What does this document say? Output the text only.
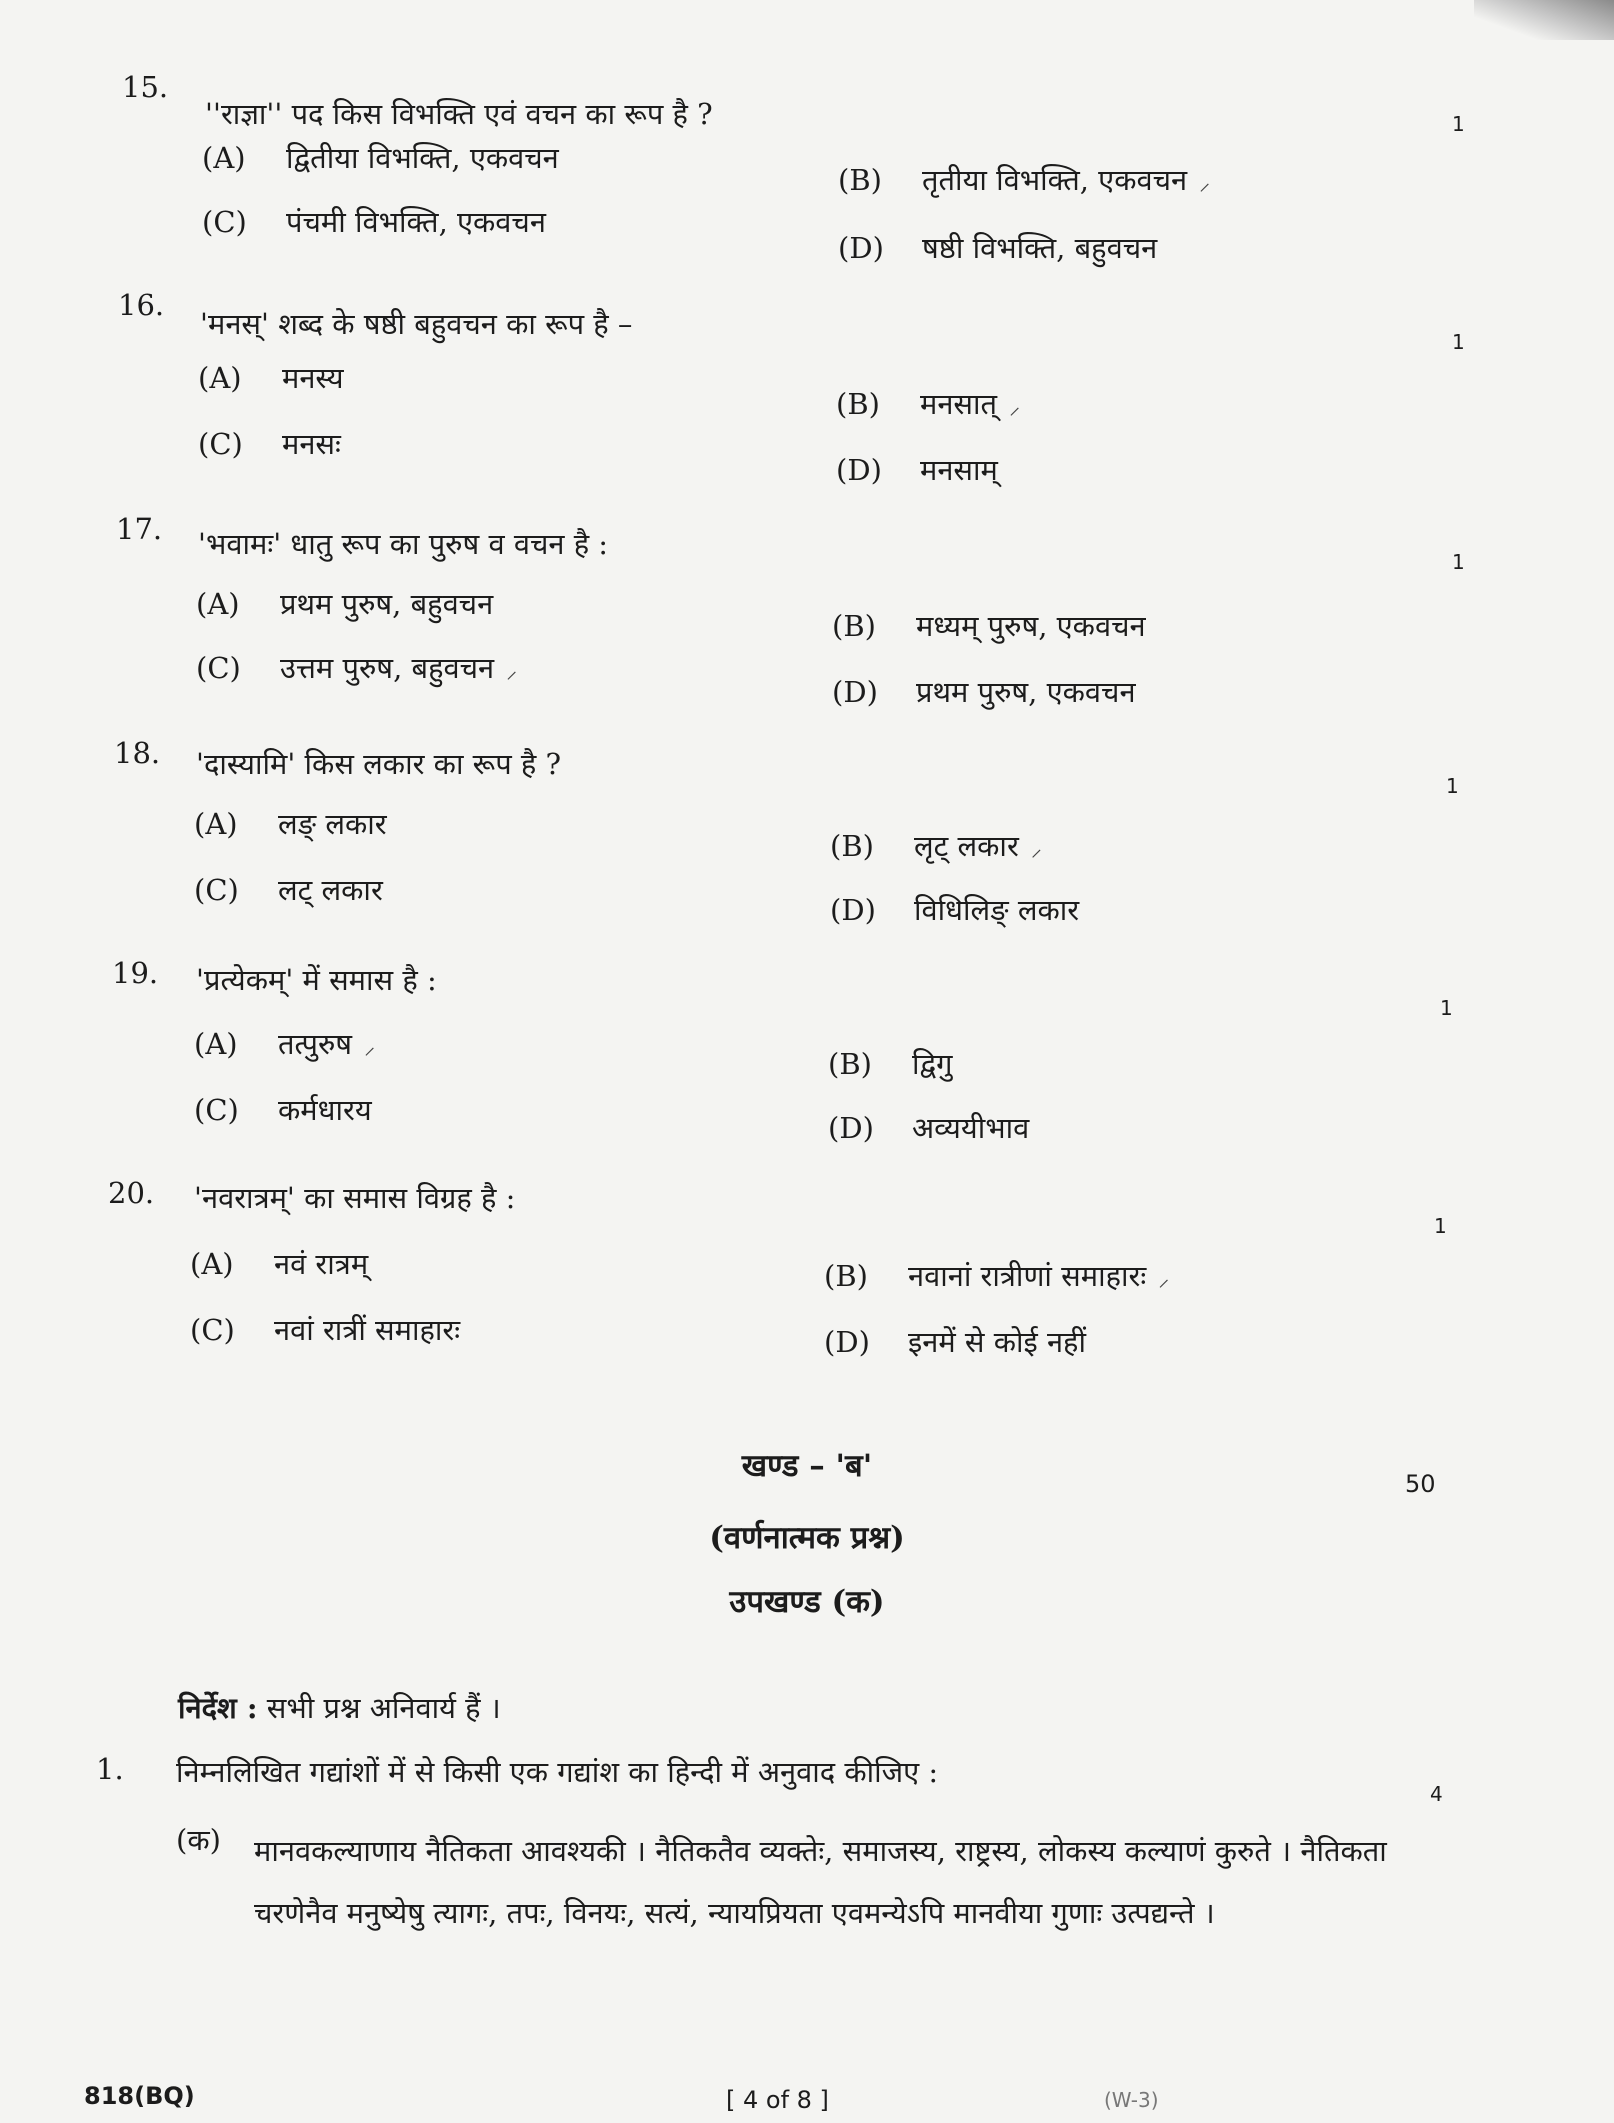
15.
''राज्ञा'' पद किस विभक्ति एवं वचन का रूप है ?	1
(A) द्वितीया विभक्ति, एकवचन
(B) तृतीया विभक्ति, एकवचन ⸝
(C) पंचमी विभक्ति, एकवचन
(D) षष्ठी विभक्ति, बहुवचन
16.
'मनस्' शब्द के षष्ठी बहुवचन का रूप है –
1
(A) मनस्य
(B) मनसात् ⸝
(C) मनसः
(D) मनसाम्
17. 'भवामः' धातु रूप का पुरुष व वचन है :
1
(A) प्रथम पुरुष, बहुवचन
(B) मध्यम् पुरुष, एकवचन
(C) उत्तम पुरुष, बहुवचन ⸝
(D) प्रथम पुरुष, एकवचन
18. 'दास्यामि' किस लकार का रूप है ?
1
(A) लङ् लकार
(B) लृट् लकार ⸝
(C) लट् लकार
(D) विधिलिङ् लकार
19. 'प्रत्येकम्' में समास है :
1
(A) तत्पुरुष ⸝	(B) द्विगु
(C) कर्मधारय
(D) अव्ययीभाव
20. 'नवरात्रम्' का समास विग्रह है :
1
(A) नवं रात्रम्	(B) नवानां रात्रीणां समाहारः ⸝
(C) नवां रात्रीं समाहारः	(D) इनमें से कोई नहीं
खण्ड – 'ब'	50
(वर्णनात्मक प्रश्न)
उपखण्ड (क)
निर्देश : सभी प्रश्न अनिवार्य हैं ।
1. निम्नलिखित गद्यांशों में से किसी एक गद्यांश का हिन्दी में अनुवाद कीजिए :
4
(क) मानवकल्याणाय नैतिकता आवश्यकी । नैतिकतैव व्यक्तेः, समाजस्य, राष्ट्रस्य, लोकस्य कल्याणं कुरुते । नैतिकता चरणेनैव मनुष्येषु त्यागः, तपः, विनयः, सत्यं, न्यायप्रियता एवमन्येऽपि मानवीया गुणाः उत्पद्यन्ते ।
818(BQ)	[ 4 of 8 ]	(W-3)
